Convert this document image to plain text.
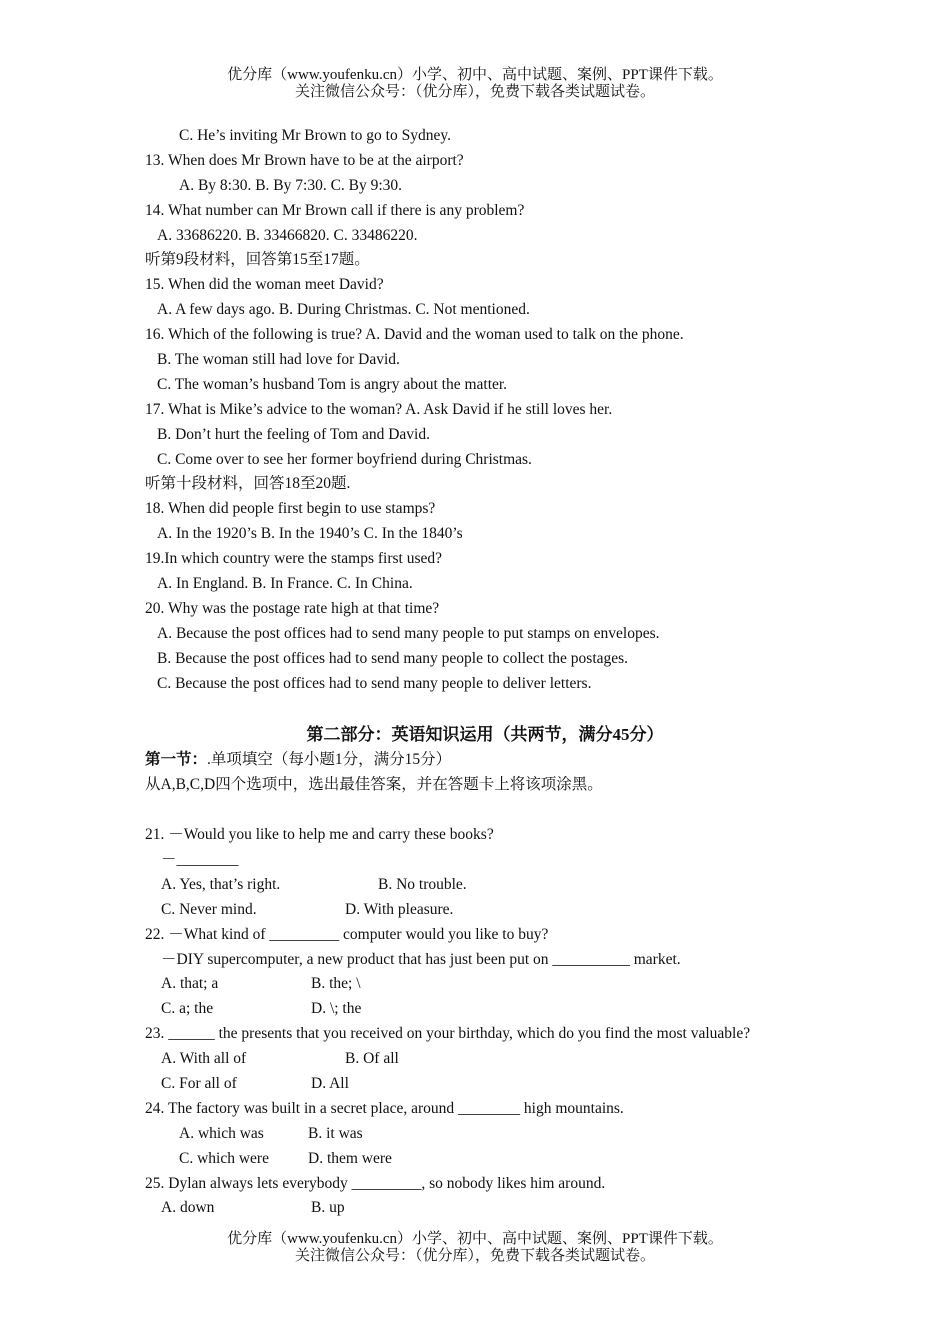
优分库（www.youfenku.cn）小学、初中、高中试题、案例、PPT课件下载。
关注微信公众号：（优分库），免费下载各类试题试卷。
C. He’s inviting Mr Brown to go to Sydney.
13. When does Mr Brown have to be at the airport?
A. By 8:30. B. By 7:30. C. By 9:30.
14. What number can Mr Brown call if there is any problem?
A. 33686220. B. 33466820. C. 33486220.
听第9段材料，回答第15至17题。
15. When did the woman meet David?
A. A few days ago. B. During Christmas. C. Not mentioned.
16. Which of the following is true? A. David and the woman used to talk on the phone.
B. The woman still had love for David.
C. The woman’s husband Tom is angry about the matter.
17. What is Mike’s advice to the woman? A. Ask David if he still loves her.
B. Don’t hurt the feeling of Tom and David.
C. Come over to see her former boyfriend during Christmas.
听第十段材料，回答18至20题.
18. When did people first begin to use stamps?
A. In the 1920’s B. In the 1940’s C. In the 1840’s
19.In which country were the stamps first used?
A. In England. B. In France. C. In China.
20. Why was the postage rate high at that time?
A. Because the post offices had to send many people to put stamps on envelopes.
B. Because the post offices had to send many people to collect the postages.
C. Because the post offices had to send many people to deliver letters.
第二部分：英语知识运用（共两节，满分45分）
第一节：.单项填空（每小题1分，满分15分）
从A,B,C,D四个选项中，选出最佳答案，并在答题卡上将该项涂黑。
21. －Would you like to help me and carry these books?
－________
A. Yes, that’s right.	B. No trouble.
C. Never mind.	D. With pleasure.
22. －What kind of _________ computer would you like to buy?
－DIY supercomputer, a new product that has just been put on __________ market.
A. that; a	B. the; \
C. a; the	D. \; the
23. ______ the presents that you received on your birthday, which do you find the most valuable?
A. With all of	B. Of all
C. For all of	D. All
24. The factory was built in a secret place, around ________ high mountains.
A. which was	B. it was
C. which were	D. them were
25. Dylan always lets everybody _________, so nobody likes him around.
A. down	B. up
优分库（www.youfenku.cn）小学、初中、高中试题、案例、PPT课件下载。
关注微信公众号：（优分库），免费下载各类试题试卷。
